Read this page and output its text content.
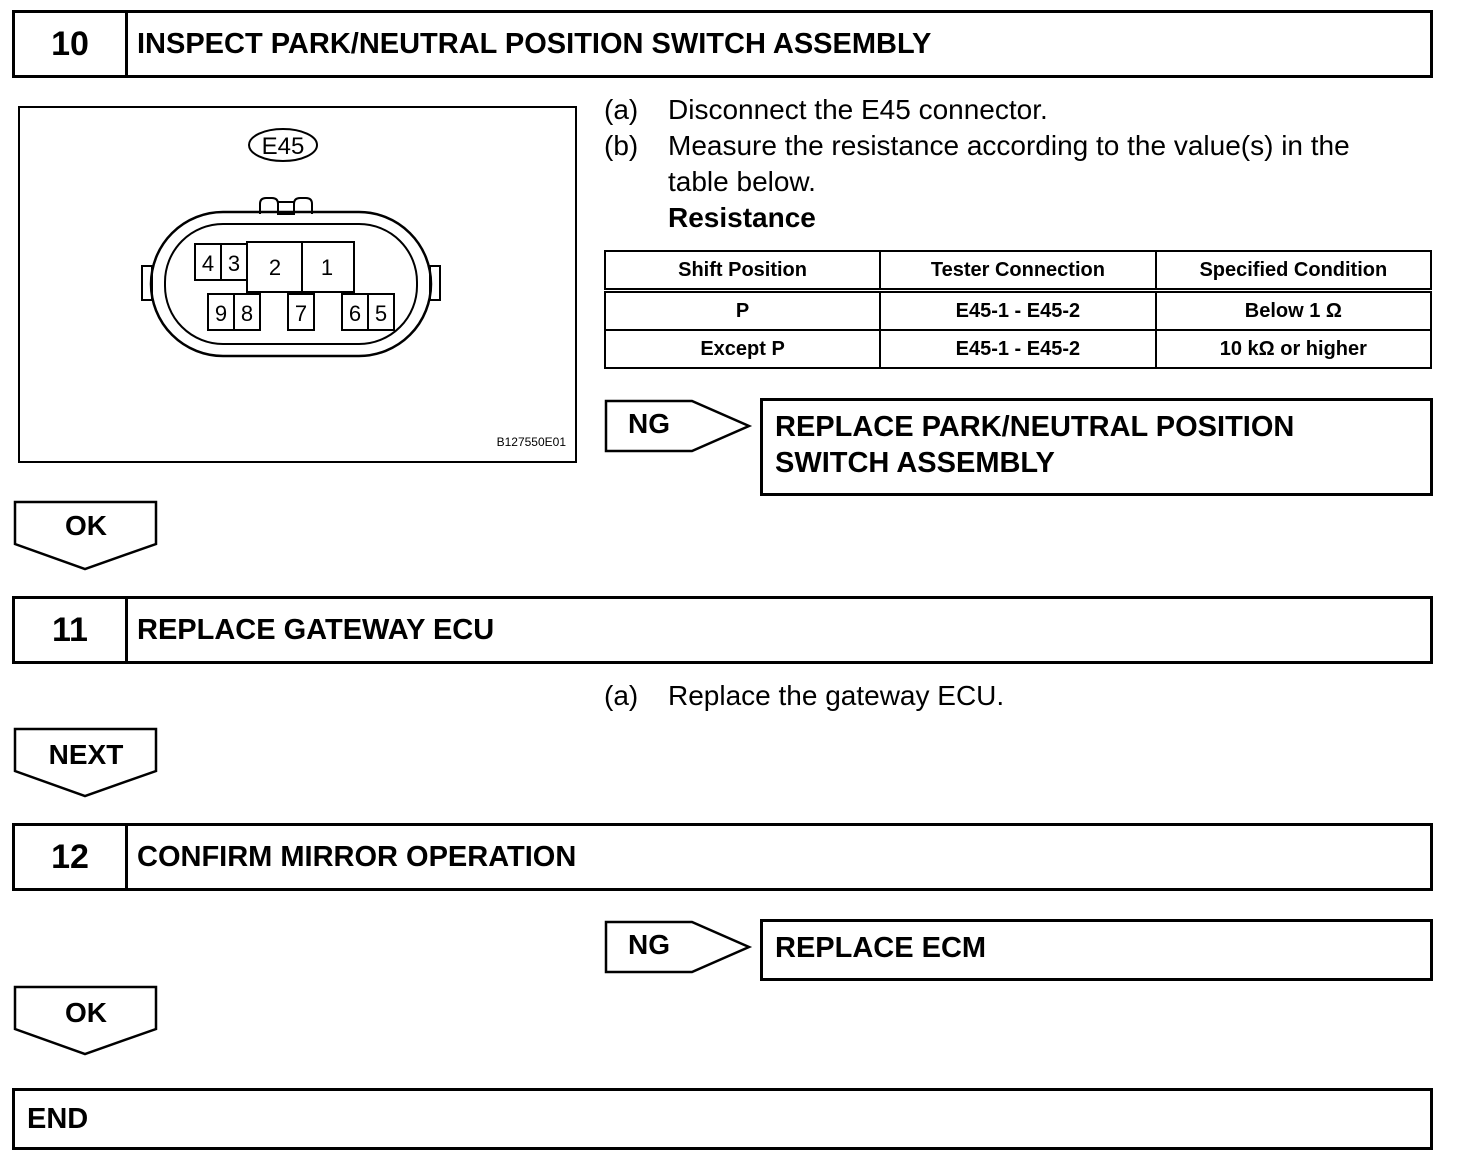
10	INSPECT PARK/NEUTRAL POSITION SWITCH ASSEMBLY
E45
4 3 2 1
9 8 7 6 5
B127550E01
(a) Disconnect the E45 connector.
(b) Measure the resistance according to the value(s) in the
table below.
Resistance
Shift Position	Tester Connection	Specified Condition
P	E45-1 - E45-2	Below 1 Ω
Except P	E45-1 - E45-2	10 kΩ or higher
NG	REPLACE PARK/NEUTRAL POSITION
SWITCH ASSEMBLY
OK
11	REPLACE GATEWAY ECU
(a) Replace the gateway ECU.
NEXT
12	CONFIRM MIRROR OPERATION
NG	REPLACE ECM
OK
END
